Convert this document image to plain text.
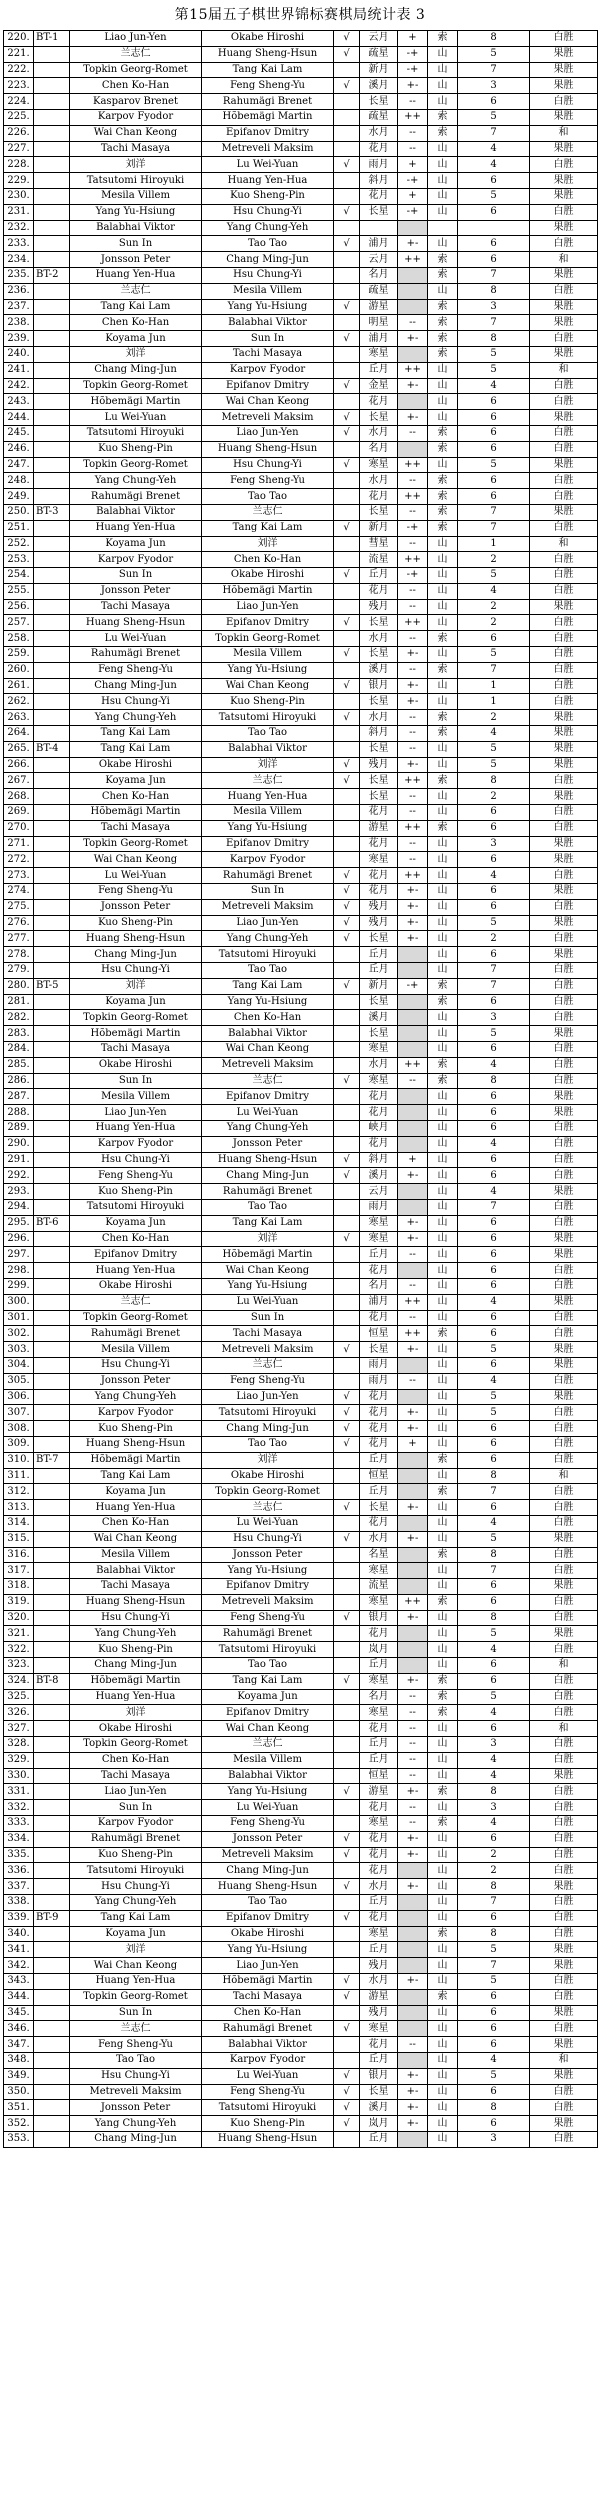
第15届五子棋世界锦标赛棋局统计表 3
220.	BT-1	Liao Jun-Yen	Okabe Hiroshi	√	云月	+	索	8	白胜
221.		兰志仁	Huang Sheng-Hsun	√	疏星	-+	山	5	果胜
222.		Topkin Georg-Romet	Tang Kai Lam		新月	-+	山	7	果胜
223.		Chen Ko-Han	Feng Sheng-Yu	√	溪月	+-	山	3	果胜
224.		Kasparov Brenet	Rahumägi Brenet		长星	--	山	6	白胜
225.		Karpov Fyodor	Hõbemägi Martin		疏星	++	索	5	果胜
226.		Wai Chan Keong	Epifanov Dmitry		水月	--	索	7	和
227.		Tachi Masaya	Metreveli Maksim		花月	--	山	4	果胜
228.		刘洋	Lu Wei-Yuan	√	雨月	+	山	4	白胜
229.		Tatsutomi Hiroyuki	Huang Yen-Hua		斜月	-+	山	6	果胜
230.		Mesila Villem	Kuo Sheng-Pin		花月	+	山	5	果胜
231.		Yang Yu-Hsiung	Hsu Chung-Yi	√	长星	-+	山	6	白胜
232.		Balabhai Viktor	Yang Chung-Yeh						果胜
233.		Sun In	Tao Tao	√	浦月	+-	山	6	白胜
234.		Jonsson Peter	Chang Ming-Jun		云月	++	索	6	和
235.	BT-2	Huang Yen-Hua	Hsu Chung-Yi		名月		索	7	果胜
236.		兰志仁	Mesila Villem		疏星		山	8	白胜
237.		Tang Kai Lam	Yang Yu-Hsiung	√	游星		索	3	果胜
238.		Chen Ko-Han	Balabhai Viktor		明星	--	索	7	果胜
239.		Koyama Jun	Sun In	√	浦月	+-	索	8	白胜
240.		刘洋	Tachi Masaya		寒星		索	5	果胜
241.		Chang Ming-Jun	Karpov Fyodor		丘月	++	山	5	和
242.		Topkin Georg-Romet	Epifanov Dmitry	√	金星	+-	山	4	白胜
243.		Hõbemägi Martin	Wai Chan Keong		花月		山	6	白胜
244.		Lu Wei-Yuan	Metreveli Maksim	√	长星	+-	山	6	果胜
245.		Tatsutomi Hiroyuki	Liao Jun-Yen	√	水月	--	索	6	白胜
246.		Kuo Sheng-Pin	Huang Sheng-Hsun		名月		索	6	白胜
247.		Topkin Georg-Romet	Hsu Chung-Yi	√	寒星	++	山	5	果胜
248.		Yang Chung-Yeh	Feng Sheng-Yu		水月	--	索	6	白胜
249.		Rahumägi Brenet	Tao Tao		花月	++	索	6	白胜
250.	BT-3	Balabhai Viktor	兰志仁		长星	--	索	7	果胜
251.		Huang Yen-Hua	Tang Kai Lam	√	新月	-+	索	7	白胜
252.		Koyama Jun	刘洋		彗星	--	山	1	和
253.		Karpov Fyodor	Chen Ko-Han		流星	++	山	2	白胜
254.		Sun In	Okabe Hiroshi	√	丘月	-+	山	5	白胜
255.		Jonsson Peter	Hõbemägi Martin		花月	--	山	4	白胜
256.		Tachi Masaya	Liao Jun-Yen		残月	--	山	2	果胜
257.		Huang Sheng-Hsun	Epifanov Dmitry	√	长星	++	山	2	白胜
258.		Lu Wei-Yuan	Topkin Georg-Romet		水月	--	索	6	白胜
259.		Rahumägi Brenet	Mesila Villem	√	长星	+-	山	5	白胜
260.		Feng Sheng-Yu	Yang Yu-Hsiung		溪月	--	索	7	白胜
261.		Chang Ming-Jun	Wai Chan Keong	√	银月	+-	山	1	白胜
262.		Hsu Chung-Yi	Kuo Sheng-Pin		长星	+-	山	1	白胜
263.		Yang Chung-Yeh	Tatsutomi Hiroyuki	√	水月	--	索	2	果胜
264.		Tang Kai Lam	Tao Tao		斜月	--	索	4	果胜
265.	BT-4	Tang Kai Lam	Balabhai Viktor		长星	--	山	5	果胜
266.		Okabe Hiroshi	刘洋	√	残月	+-	山	5	果胜
267.		Koyama Jun	兰志仁	√	长星	++	索	8	白胜
268.		Chen Ko-Han	Huang Yen-Hua		长星	--	山	2	果胜
269.		Hõbemägi Martin	Mesila Villem		花月	--	山	6	白胜
270.		Tachi Masaya	Yang Yu-Hsiung		游星	++	索	6	白胜
271.		Topkin Georg-Romet	Epifanov Dmitry		花月	--	山	3	果胜
272.		Wai Chan Keong	Karpov Fyodor		寒星	--	山	6	果胜
273.		Lu Wei-Yuan	Rahumägi Brenet	√	花月	++	山	4	白胜
274.		Feng Sheng-Yu	Sun In	√	花月	+-	山	6	果胜
275.		Jonsson Peter	Metreveli Maksim	√	残月	+-	山	6	白胜
276.		Kuo Sheng-Pin	Liao Jun-Yen	√	残月	+-	山	5	果胜
277.		Huang Sheng-Hsun	Yang Chung-Yeh	√	长星	+-	山	2	白胜
278.		Chang Ming-Jun	Tatsutomi Hiroyuki		丘月		山	6	果胜
279.		Hsu Chung-Yi	Tao Tao		丘月		山	7	白胜
280.	BT-5	刘洋	Tang Kai Lam	√	新月	-+	索	7	白胜
281.		Koyama Jun	Yang Yu-Hsiung		长星		索	6	白胜
282.		Topkin Georg-Romet	Chen Ko-Han		溪月		山	3	白胜
283.		Hõbemägi Martin	Balabhai Viktor		长星		山	5	果胜
284.		Tachi Masaya	Wai Chan Keong		寒星		山	6	白胜
285.		Okabe Hiroshi	Metreveli Maksim		水月	++	索	4	白胜
286.		Sun In	兰志仁	√	寒星	--	索	8	白胜
287.		Mesila Villem	Epifanov Dmitry		花月		山	6	果胜
288.		Liao Jun-Yen	Lu Wei-Yuan		花月		山	6	果胜
289.		Huang Yen-Hua	Yang Chung-Yeh		峡月		山	6	白胜
290.		Karpov Fyodor	Jonsson Peter		花月		山	4	白胜
291.		Hsu Chung-Yi	Huang Sheng-Hsun	√	斜月	+	山	6	白胜
292.		Feng Sheng-Yu	Chang Ming-Jun	√	溪月	+-	山	6	白胜
293.		Kuo Sheng-Pin	Rahumägi Brenet		云月		山	4	果胜
294.		Tatsutomi Hiroyuki	Tao Tao		雨月		山	7	白胜
295.	BT-6	Koyama Jun	Tang Kai Lam		寒星	+-	山	6	白胜
296.		Chen Ko-Han	刘洋	√	寒星	+-	山	6	果胜
297.		Epifanov Dmitry	Hõbemägi Martin		丘月	--	山	6	果胜
298.		Huang Yen-Hua	Wai Chan Keong		花月		山	6	白胜
299.		Okabe Hiroshi	Yang Yu-Hsiung		名月	--	山	6	白胜
300.		兰志仁	Lu Wei-Yuan		浦月	++	山	4	果胜
301.		Topkin Georg-Romet	Sun In		花月	--	山	6	白胜
302.		Rahumägi Brenet	Tachi Masaya		恒星	++	索	6	白胜
303.		Mesila Villem	Metreveli Maksim	√	长星	+-	山	5	果胜
304.		Hsu Chung-Yi	兰志仁		雨月		山	6	果胜
305.		Jonsson Peter	Feng Sheng-Yu		雨月	--	山	4	白胜
306.		Yang Chung-Yeh	Liao Jun-Yen	√	花月		山	5	果胜
307.		Karpov Fyodor	Tatsutomi Hiroyuki	√	花月	+-	山	5	白胜
308.		Kuo Sheng-Pin	Chang Ming-Jun	√	花月	+-	山	6	白胜
309.		Huang Sheng-Hsun	Tao Tao	√	花月	+	山	6	白胜
310.	BT-7	Hõbemägi Martin	刘洋		丘月		索	6	白胜
311.		Tang Kai Lam	Okabe Hiroshi		恒星		山	8	和
312.		Koyama Jun	Topkin Georg-Romet		丘月		索	7	白胜
313.		Huang Yen-Hua	兰志仁	√	长星	+-	山	6	白胜
314.		Chen Ko-Han	Lu Wei-Yuan		花月		山	4	白胜
315.		Wai Chan Keong	Hsu Chung-Yi	√	水月	+-	山	5	果胜
316.		Mesila Villem	Jonsson Peter		名星		索	8	白胜
317.		Balabhai Viktor	Yang Yu-Hsiung		寒星		山	7	白胜
318.		Tachi Masaya	Epifanov Dmitry		流星		山	6	果胜
319.		Huang Sheng-Hsun	Metreveli Maksim		寒星	++	索	6	白胜
320.		Hsu Chung-Yi	Feng Sheng-Yu	√	银月	+-	山	8	白胜
321.		Yang Chung-Yeh	Rahumägi Brenet		花月		山	5	果胜
322.		Kuo Sheng-Pin	Tatsutomi Hiroyuki		岚月		山	4	白胜
323.		Chang Ming-Jun	Tao Tao		丘月		山	6	和
324.	BT-8	Hõbemägi Martin	Tang Kai Lam	√	寒星	+-	索	6	白胜
325.		Huang Yen-Hua	Koyama Jun		名月	--	索	5	白胜
326.		刘洋	Epifanov Dmitry		寒星	--	索	4	白胜
327.		Okabe Hiroshi	Wai Chan Keong		花月	--	山	6	和
328.		Topkin Georg-Romet	兰志仁		丘月	--	山	3	白胜
329.		Chen Ko-Han	Mesila Villem		丘月	--	山	4	白胜
330.		Tachi Masaya	Balabhai Viktor		恒星	--	山	4	果胜
331.		Liao Jun-Yen	Yang Yu-Hsiung	√	游星	+-	索	8	白胜
332.		Sun In	Lu Wei-Yuan		花月	--	山	3	白胜
333.		Karpov Fyodor	Feng Sheng-Yu		寒星	--	索	4	白胜
334.		Rahumägi Brenet	Jonsson Peter	√	花月	+-	山	6	白胜
335.		Kuo Sheng-Pin	Metreveli Maksim	√	花月	+-	山	2	白胜
336.		Tatsutomi Hiroyuki	Chang Ming-Jun		花月		山	2	白胜
337.		Hsu Chung-Yi	Huang Sheng-Hsun	√	水月	+-	山	8	果胜
338.		Yang Chung-Yeh	Tao Tao		丘月		山	7	白胜
339.	BT-9	Tang Kai Lam	Epifanov Dmitry	√	花月		山	6	白胜
340.		Koyama Jun	Okabe Hiroshi		寒星		索	8	白胜
341.		刘洋	Yang Yu-Hsiung		丘月		山	5	果胜
342.		Wai Chan Keong	Liao Jun-Yen		残月		山	7	果胜
343.		Huang Yen-Hua	Hõbemägi Martin	√	水月	+-	山	5	白胜
344.		Topkin Georg-Romet	Tachi Masaya	√	游星		索	6	白胜
345.		Sun In	Chen Ko-Han		残月		山	6	果胜
346.		兰志仁	Rahumägi Brenet	√	寒星		山	6	白胜
347.		Feng Sheng-Yu	Balabhai Viktor		花月	--	山	6	果胜
348.		Tao Tao	Karpov Fyodor		丘月		山	4	和
349.		Hsu Chung-Yi	Lu Wei-Yuan	√	银月	+-	山	5	果胜
350.		Metreveli Maksim	Feng Sheng-Yu	√	长星	+-	山	6	白胜
351.		Jonsson Peter	Tatsutomi Hiroyuki	√	溪月	+-	山	8	白胜
352.		Yang Chung-Yeh	Kuo Sheng-Pin	√	岚月	+-	山	6	果胜
353.		Chang Ming-Jun	Huang Sheng-Hsun		丘月		山	3	白胜
